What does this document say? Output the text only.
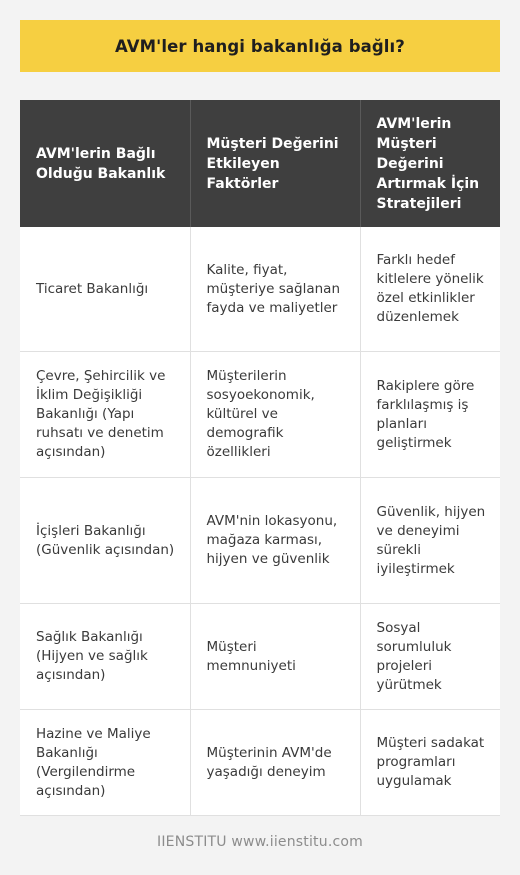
AVM'ler hangi bakanlığa bağlı?
AVM'lerin Bağlı Olduğu Bakanlık	Müşteri Değerini Etkileyen Faktörler	AVM'lerin Müşteri Değerini Artırmak İçin Stratejileri
Ticaret Bakanlığı	Kalite, fiyat, müşteriye sağlanan fayda ve maliyetler	Farklı hedef kitlelere yönelik özel etkinlikler düzenlemek
Çevre, Şehircilik ve İklim Değişikliği Bakanlığı (Yapı ruhsatı ve denetim açısından)	Müşterilerin sosyoekonomik, kültürel ve demografik özellikleri	Rakiplere göre farklılaşmış iş planları geliştirmek
İçişleri Bakanlığı (Güvenlik açısından)	AVM'nin lokasyonu, mağaza karması, hijyen ve güvenlik	Güvenlik, hijyen ve deneyimi sürekli iyileştirmek
Sağlık Bakanlığı (Hijyen ve sağlık açısından)	Müşteri memnuniyeti	Sosyal sorumluluk projeleri yürütmek
Hazine ve Maliye Bakanlığı (Vergilendirme açısından)	Müşterinin AVM'de yaşadığı deneyim	Müşteri sadakat programları uygulamak
IIENSTITU www.iienstitu.com
